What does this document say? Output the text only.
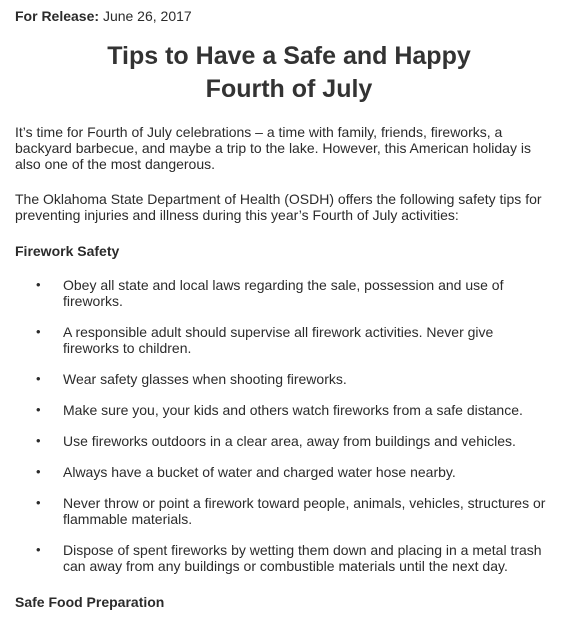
For Release: June 26, 2017
Tips to Have a Safe and Happy
Fourth of July

It’s time for Fourth of July celebrations – a time with family, friends, fireworks, a
backyard barbecue, and maybe a trip to the lake. However, this American holiday is
also one of the most dangerous.

The Oklahoma State Department of Health (OSDH) offers the following safety tips for
preventing injuries and illness during this year’s Fourth of July activities:

Firework Safety
• Obey all state and local laws regarding the sale, possession and use of
fireworks.
• A responsible adult should supervise all firework activities. Never give
fireworks to children.
• Wear safety glasses when shooting fireworks.
• Make sure you, your kids and others watch fireworks from a safe distance.
• Use fireworks outdoors in a clear area, away from buildings and vehicles.
• Always have a bucket of water and charged water hose nearby.
• Never throw or point a firework toward people, animals, vehicles, structures or
flammable materials.
• Dispose of spent fireworks by wetting them down and placing in a metal trash
can away from any buildings or combustible materials until the next day.
Safe Food Preparation
